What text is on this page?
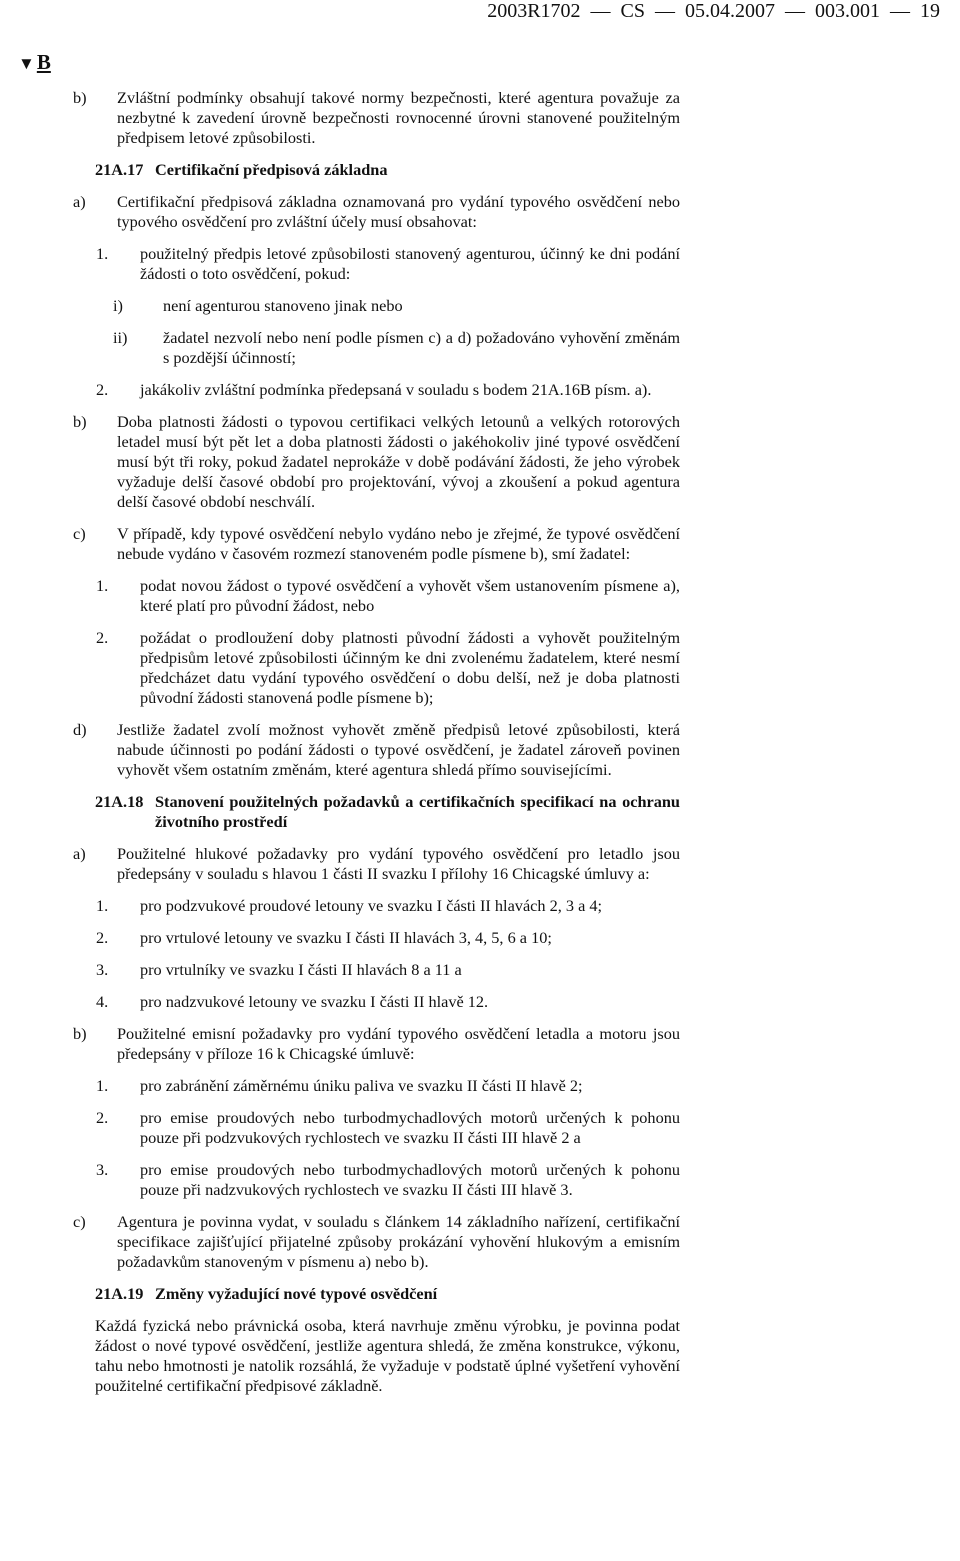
2003R1702  —  CS  —  05.04.2007  —  003.001  —  19
▼B

b) Zvláštní podmínky obsahují takové normy bezpečnosti, které agentura považuje za nezbytné k zavedení úrovně bezpečnosti rovnocenné úrovni stanovené použitelným předpisem letové způsobilosti.

21A.17 Certifikační předpisová základna

a) Certifikační předpisová základna oznamovaná pro vydání typového osvědčení nebo typového osvědčení pro zvláštní účely musí obsahovat:

1. použitelný předpis letové způsobilosti stanovený agenturou, účinný ke dni podání žádosti o toto osvědčení, pokud:

i) není agenturou stanoveno jinak nebo

ii) žadatel nezvolí nebo není podle písmen c) a d) požadováno vyhovění změnám s pozdější účinností;

2. jakákoliv zvláštní podmínka předepsaná v souladu s bodem 21A.16B písm. a).

b) Doba platnosti žádosti o typovou certifikaci velkých letounů a velkých rotorových letadel musí být pět let a doba platnosti žádosti o jakéhokoliv jiné typové osvědčení musí být tři roky, pokud žadatel neprokáže v době podávání žádosti, že jeho výrobek vyžaduje delší časové období pro projektování, vývoj a zkoušení a pokud agentura delší časové období neschválí.

c) V případě, kdy typové osvědčení nebylo vydáno nebo je zřejmé, že typové osvědčení nebude vydáno v časovém rozmezí stanoveném podle písmene b), smí žadatel:

1. podat novou žádost o typové osvědčení a vyhovět všem ustanovením písmene a), které platí pro původní žádost, nebo

2. požádat o prodloužení doby platnosti původní žádosti a vyhovět použitelným předpisům letové způsobilosti účinným ke dni zvolenému žadatelem, které nesmí předcházet datu vydání typového osvědčení o dobu delší, než je doba platnosti původní žádosti stanovená podle písmene b);

d) Jestliže žadatel zvolí možnost vyhovět změně předpisů letové způsobilosti, která nabude účinnosti po podání žádosti o typové osvědčení, je žadatel zároveň povinen vyhovět všem ostatním změnám, které agentura shledá přímo souvisejícími.

21A.18 Stanovení použitelných požadavků a certifikačních specifikací na ochranu životního prostředí

a) Použitelné hlukové požadavky pro vydání typového osvědčení pro letadlo jsou předepsány v souladu s hlavou 1 části II svazku I přílohy 16 Chicagské úmluvy a:

1. pro podzvukové proudové letouny ve svazku I části II hlavách 2, 3 a 4;

2. pro vrtulové letouny ve svazku I části II hlavách 3, 4, 5, 6 a 10;

3. pro vrtulníky ve svazku I části II hlavách 8 a 11 a

4. pro nadzvukové letouny ve svazku I části II hlavě 12.

b) Použitelné emisní požadavky pro vydání typového osvědčení letadla a motoru jsou předepsány v příloze 16 k Chicagské úmluvě:

1. pro zabránění záměrnému úniku paliva ve svazku II části II hlavě 2;

2. pro emise proudových nebo turbodmychadlových motorů určených k pohonu pouze při podzvukových rychlostech ve svazku II části III hlavě 2 a

3. pro emise proudových nebo turbodmychadlových motorů určených k pohonu pouze při nadzvukových rychlostech ve svazku II části III hlavě 3.

c) Agentura je povinna vydat, v souladu s článkem 14 základního nařízení, certifikační specifikace zajišťující přijatelné způsoby prokázání vyhovění hlukovým a emisním požadavkům stanoveným v písmenu a) nebo b).

21A.19 Změny vyžadující nové typové osvědčení

Každá fyzická nebo právnická osoba, která navrhuje změnu výrobku, je povinna podat žádost o nové typové osvědčení, jestliže agentura shledá, že změna konstrukce, výkonu, tahu nebo hmotnosti je natolik rozsáhlá, že vyžaduje v podstatě úplné vyšetření vyhovění použitelné certifikační předpisové základně.
